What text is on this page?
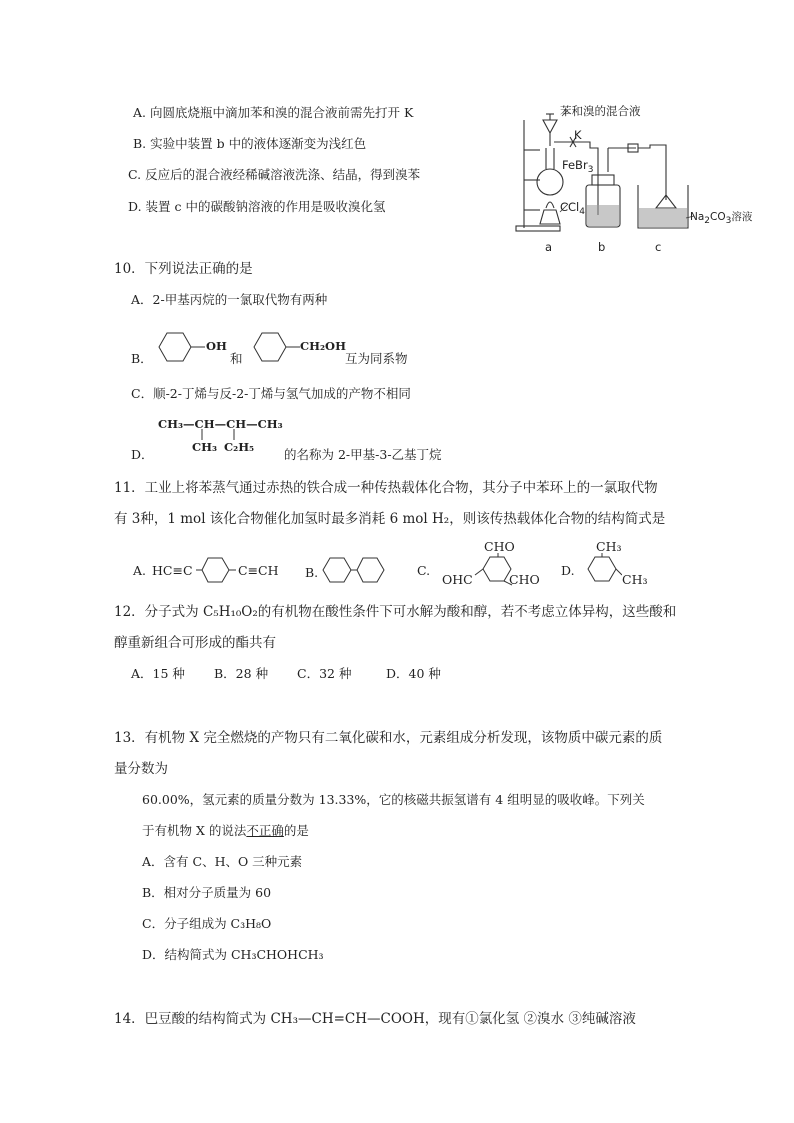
A. 向圆底烧瓶中滴加苯和溴的混合液前需先打开 K
B. 实验中装置 b 中的液体逐渐变为浅红色
C. 反应后的混合液经稀碱溶液洗涤、结晶，得到溴苯
D. 装置 c 中的碳酸钠溶液的作用是吸收溴化氢
苯和溴的混合液
K
FeBr$_3$
CCl$_4$	$Na_2CO_3$溶液
a	b	c
10．下列说法正确的是
A．2-甲基丙烷的一氯取代物有两种
B．
OH
和
CH₂OH
互为同系物
C．顺-2-丁烯与反-2-丁烯与氢气加成的产物不相同
CH₃—CH—CH—CH₃
CH₃ C₂H₅
D．	的名称为 2-甲基-3-乙基丁烷
11．工业上将苯蒸气通过赤热的铁合成一种传热载体化合物，其分子中苯环上的一氯取代物
有 3种，1 mol 该化合物催化加氢时最多消耗 6 mol H₂，则该传热载体化合物的结构简式是
A. HC≡C	C≡CH B.	C.
CHO
OHC	CHO
D.
CH₃
CH₃
12．分子式为 C₅H₁₀O₂的有机物在酸性条件下可水解为酸和醇，若不考虑立体异构，这些酸和
醇重新组合可形成的酯共有
A．15 种 B．28 种 C．32 种	D．40 种
13．有机物 X 完全燃烧的产物只有二氧化碳和水，元素组成分析发现，该物质中碳元素的质
量分数为
60.00%，氢元素的质量分数为 13.33%，它的核磁共振氢谱有 4 组明显的吸收峰。下列关
于有机物 X 的说法不正确的是
A．含有 C、H、O 三种元素
B．相对分子质量为 60
C．分子组成为 C₃H₈O
D．结构简式为 CH₃CHOHCH₃
14．巴豆酸的结构简式为 CH₃—CH=CH—COOH，现有①氯化氢 ②溴水 ③纯碱溶液
